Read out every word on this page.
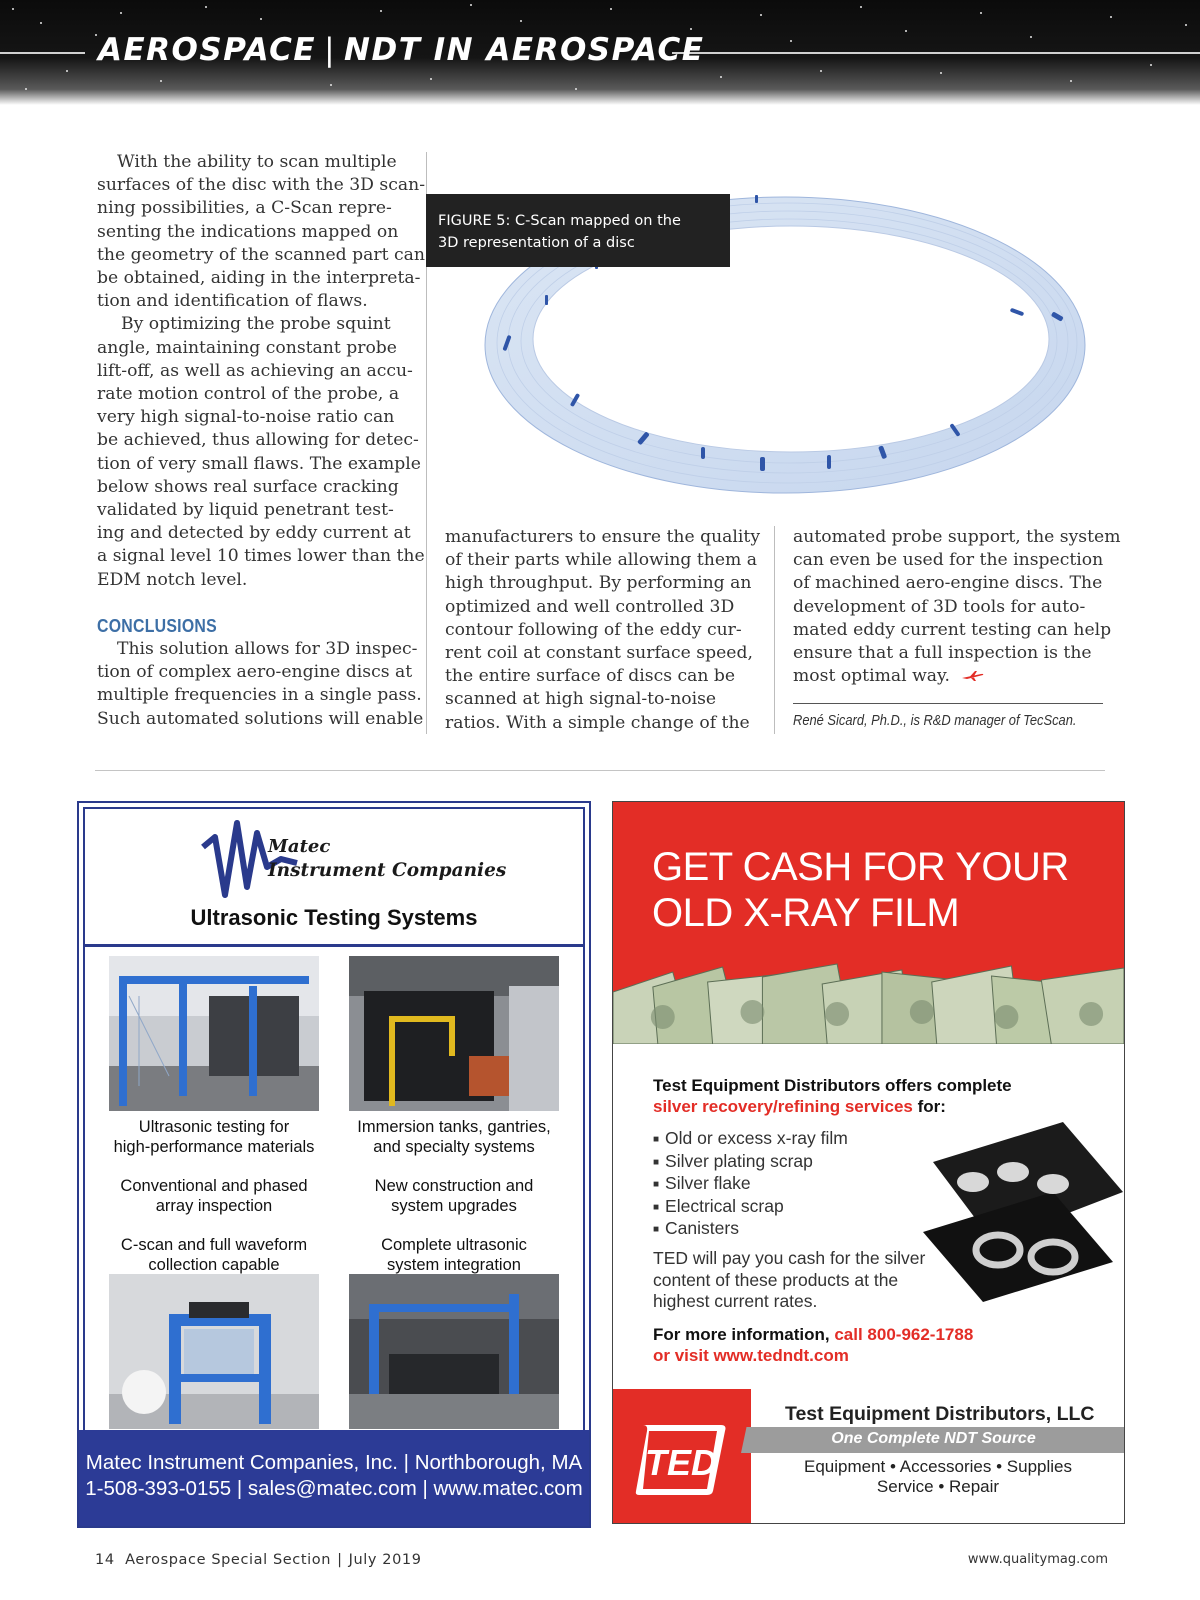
AEROSPACE | NDT IN AEROSPACE

With the ability to scan multiple
surfaces of the disc with the 3D scan-
ning possibilities, a C-Scan repre-
senting the indications mapped on
the geometry of the scanned part can
be obtained, aiding in the interpreta-
tion and identification of flaws.

By optimizing the probe squint
angle, maintaining constant probe
lift-off, as well as achieving an accu-
rate motion control of the probe, a
very high signal-to-noise ratio can
be achieved, thus allowing for detec-
tion of very small flaws. The example
below shows real surface cracking
validated by liquid penetrant test-
ing and detected by eddy current at
a signal level 10 times lower than the
EDM notch level.

CONCLUSIONS

This solution allows for 3D inspec-
tion of complex aero-engine discs at
multiple frequencies in a single pass.
Such automated solutions will enable

manufacturers to ensure the quality
of their parts while allowing them a
high throughput. By performing an
optimized and well controlled 3D
contour following of the eddy cur-
rent coil at constant surface speed,
the entire surface of discs can be
scanned at high signal-to-noise
ratios. With a simple change of the
automated probe support, the system
can even be used for the inspection
of machined aero-engine discs. The
development of 3D tools for auto-
mated eddy current testing can help
ensure that a full inspection is the
most optimal way.
FIGURE 5: C-Scan mapped on the
3D representation of a disc
René Sicard, Ph.D., is R&D manager of TecScan.
Matec
Instrument Companies
Ultrasonic Testing Systems
Ultrasonic testing for
high-performance materials
Immersion tanks, gantries,
and specialty systems
Conventional and phased
array inspection
New construction and
system upgrades
C-scan and full waveform
collection capable
Complete ultrasonic
system integration
Matec Instrument Companies, Inc. | Northborough, MA
1-508-393-0155 | sales@matec.com | www.matec.com
GET CASH FOR YOUR
OLD X-RAY FILM
Test Equipment Distributors offers complete
silver recovery/refining services for:
■ Old or excess x-ray film
■ Silver plating scrap
■ Silver flake
■ Electrical scrap
■ Canisters
TED will pay you cash for the silver content of these products at the highest current rates.
For more information, call 800-962-1788
or visit www.tedndt.com
TED
Test Equipment Distributors, LLC
One Complete NDT Source
Equipment • Accessories • Supplies
Service • Repair
14 Aerospace Special Section | July 2019	www.qualitymag.com
